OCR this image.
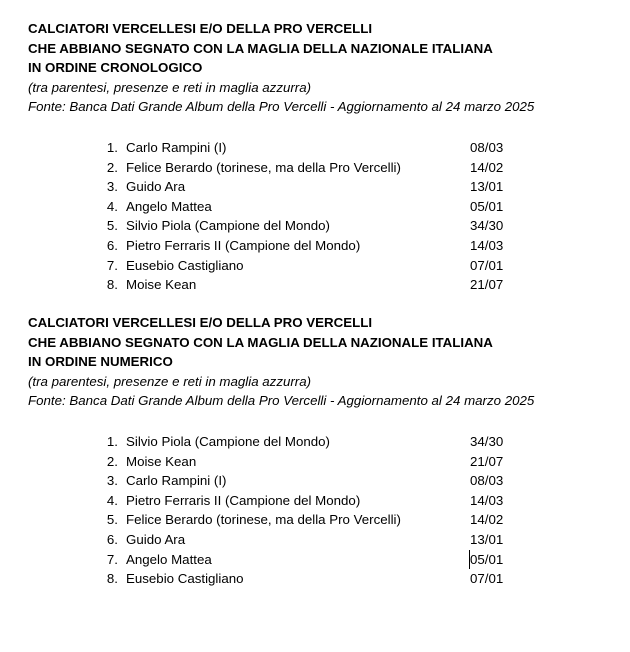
CALCIATORI VERCELLESI E/O DELLA PRO VERCELLI
CHE ABBIANO SEGNATO CON LA MAGLIA DELLA NAZIONALE ITALIANA
IN ORDINE CRONOLOGICO
(tra parentesi, presenze e reti in maglia azzurra)
Fonte: Banca Dati Grande Album della Pro Vercelli - Aggiornamento al 24 marzo 2025
1. Carlo Rampini (I)	08/03
2. Felice Berardo (torinese, ma della Pro Vercelli)	14/02
3. Guido Ara	13/01
4. Angelo Mattea	05/01
5. Silvio Piola (Campione del Mondo)	34/30
6. Pietro Ferraris II (Campione del Mondo)	14/03
7. Eusebio Castigliano	07/01
8. Moise Kean	21/07
CALCIATORI VERCELLESI E/O DELLA PRO VERCELLI
CHE ABBIANO SEGNATO CON LA MAGLIA DELLA NAZIONALE ITALIANA
IN ORDINE NUMERICO
(tra parentesi, presenze e reti in maglia azzurra)
Fonte: Banca Dati Grande Album della Pro Vercelli - Aggiornamento al 24 marzo 2025
1. Silvio Piola (Campione del Mondo)	34/30
2. Moise Kean	21/07
3. Carlo Rampini (I)	08/03
4. Pietro Ferraris II (Campione del Mondo)	14/03
5. Felice Berardo (torinese, ma della Pro Vercelli)	14/02
6. Guido Ara	13/01
7. Angelo Mattea	05/01
8. Eusebio Castigliano	07/01
